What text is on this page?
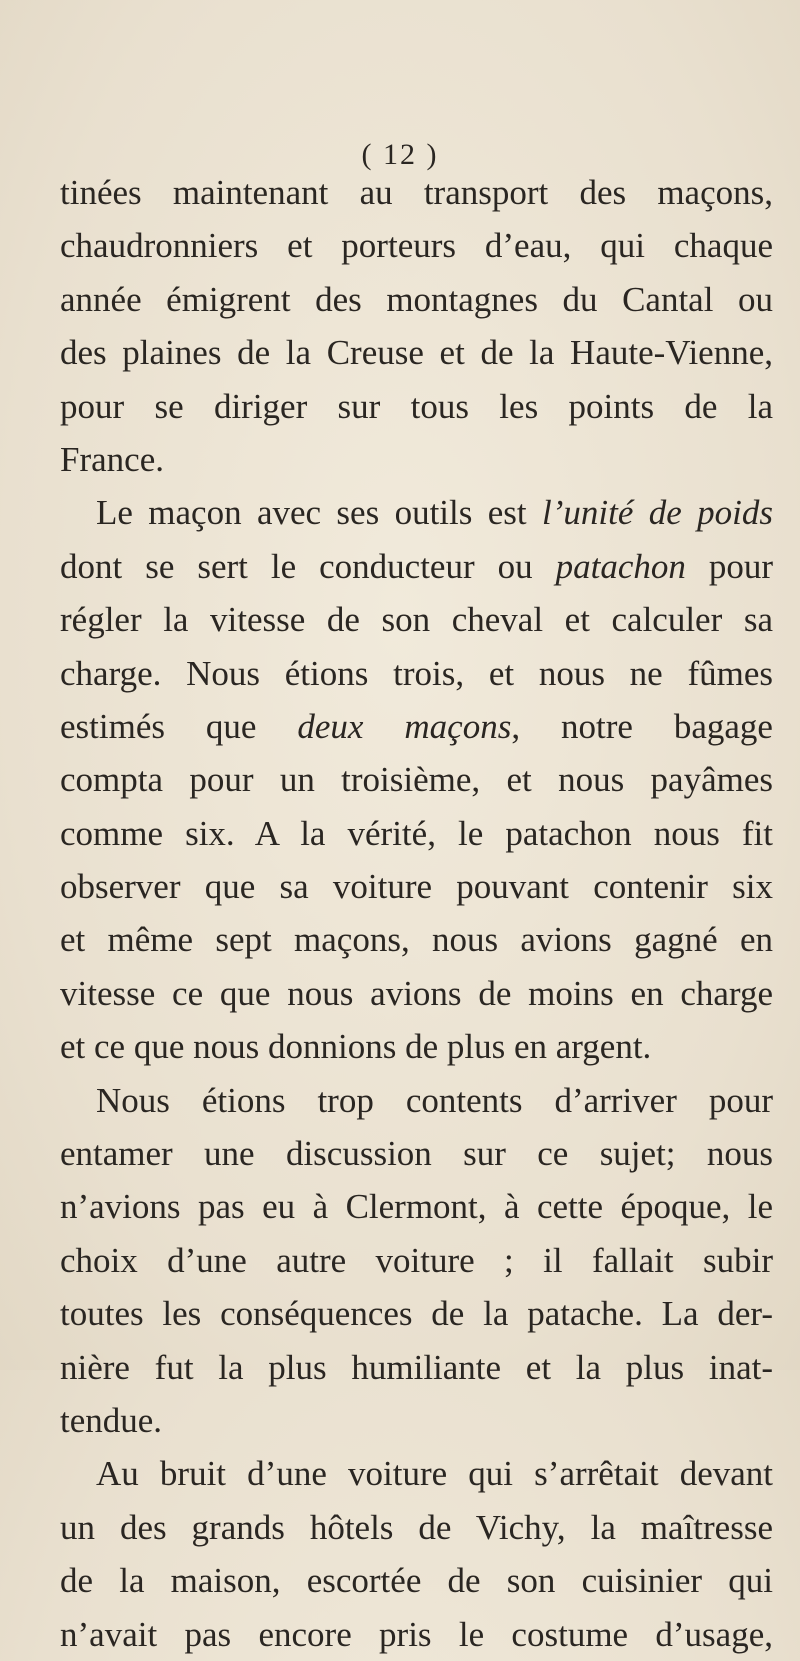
( 12 )
tinées maintenant au transport des maçons,
chaudronniers et porteurs d’eau, qui chaque
année émigrent des montagnes du Cantal ou
des plaines de la Creuse et de la Haute-Vienne,
pour se diriger sur tous les points de la
France.
Le maçon avec ses outils est l’unité de poids
dont se sert le conducteur ou patachon pour
régler la vitesse de son cheval et calculer sa
charge. Nous étions trois, et nous ne fûmes
estimés que deux maçons, notre bagage
compta pour un troisième, et nous payâmes
comme six. A la vérité, le patachon nous fit
observer que sa voiture pouvant contenir six
et même sept maçons, nous avions gagné en
vitesse ce que nous avions de moins en charge
et ce que nous donnions de plus en argent.
Nous étions trop contents d’arriver pour
entamer une discussion sur ce sujet; nous
n’avions pas eu à Clermont, à cette époque, le
choix d’une autre voiture ; il fallait subir
toutes les conséquences de la patache. La der-
nière fut la plus humiliante et la plus inat-
tendue.
Au bruit d’une voiture qui s’arrêtait devant
un des grands hôtels de Vichy, la maîtresse
de la maison, escortée de son cuisinier qui
n’avait pas encore pris le costume d’usage,
